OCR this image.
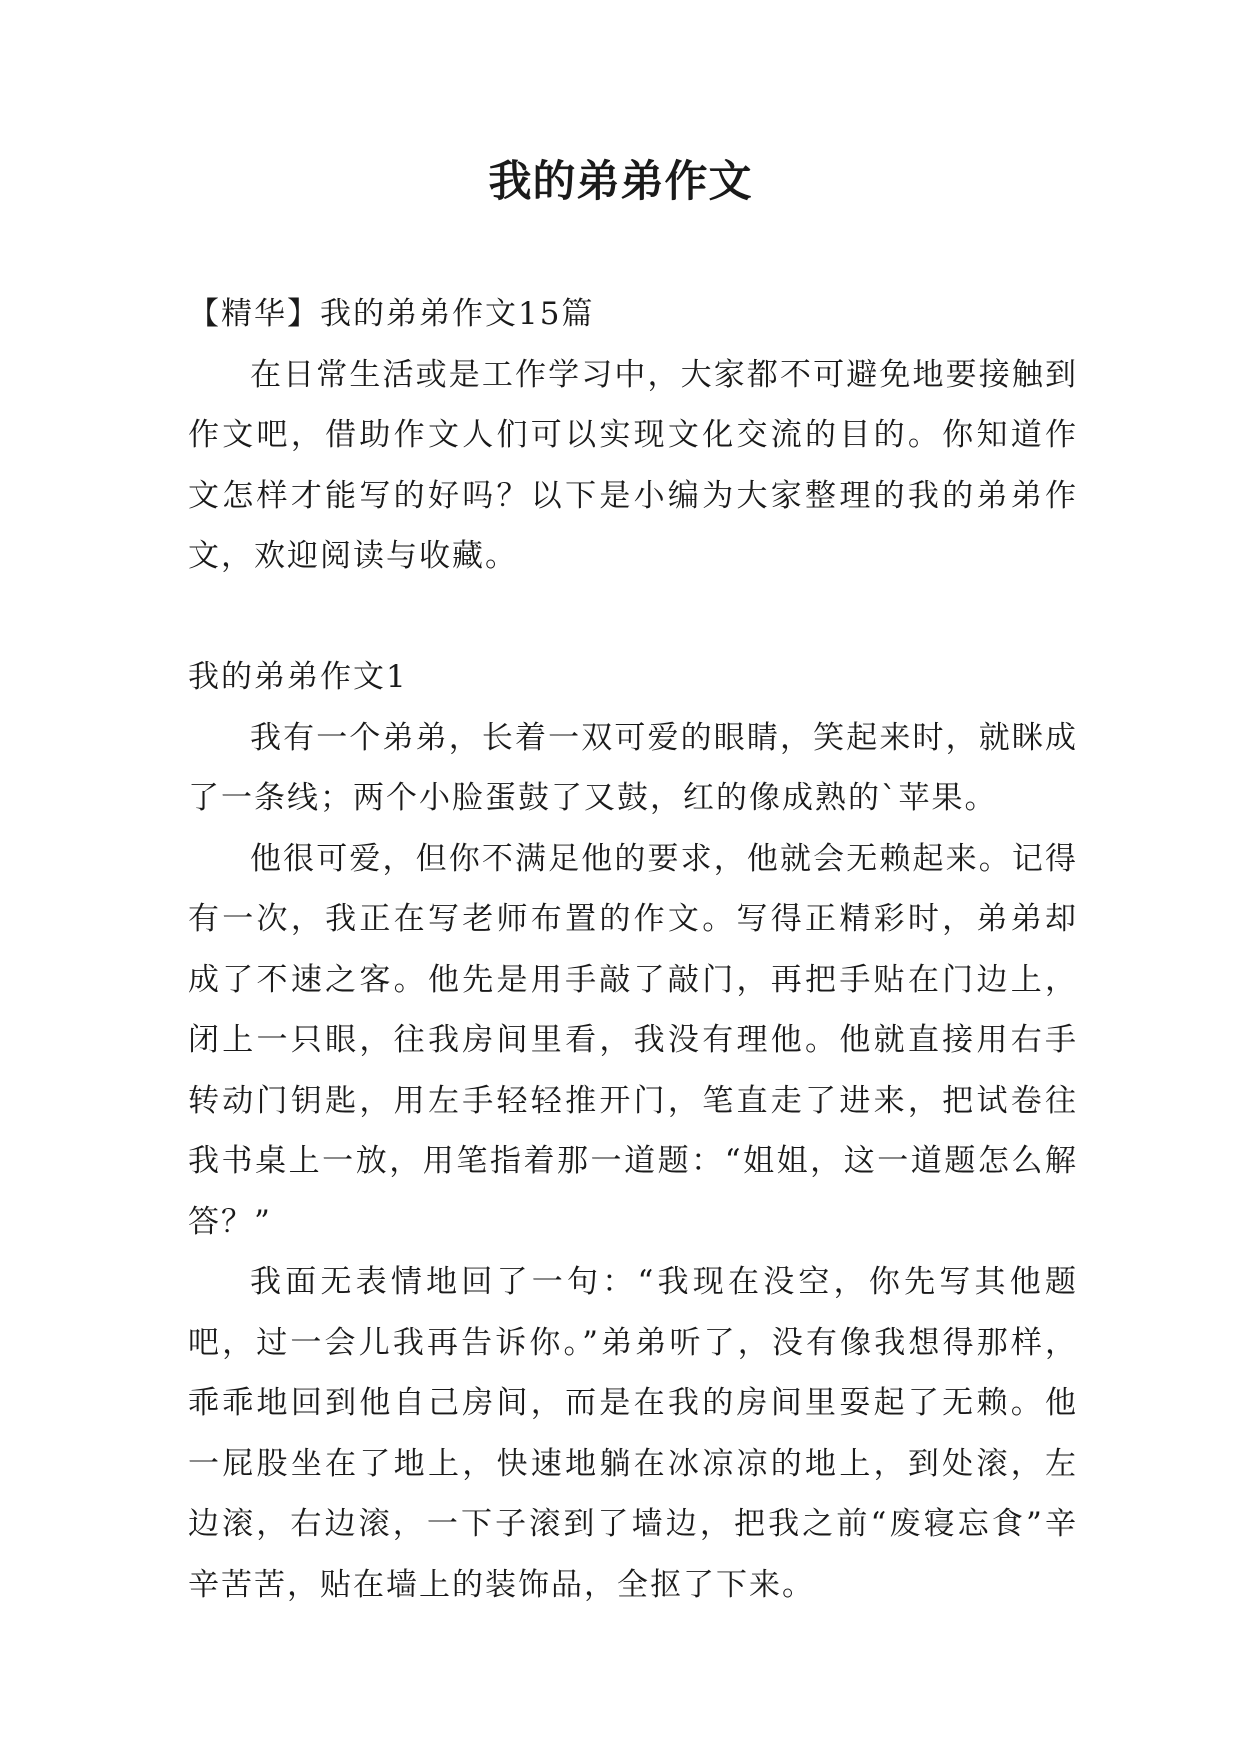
我的弟弟作文

【精华】我的弟弟作文15篇

在日常生活或是工作学习中，大家都不可避免地要接触到作文吧，借助作文人们可以实现文化交流的目的。你知道作文怎样才能写的好吗？以下是小编为大家整理的我的弟弟作文，欢迎阅读与收藏。

我的弟弟作文1

我有一个弟弟，长着一双可爱的眼睛，笑起来时，就眯成了一条线；两个小脸蛋鼓了又鼓，红的像成熟的`苹果。

他很可爱，但你不满足他的要求，他就会无赖起来。记得有一次，我正在写老师布置的作文。写得正精彩时，弟弟却成了不速之客。他先是用手敲了敲门，再把手贴在门边上，闭上一只眼，往我房间里看，我没有理他。他就直接用右手转动门钥匙，用左手轻轻推开门，笔直走了进来，把试卷往我书桌上一放，用笔指着那一道题：“姐姐，这一道题怎么解答？”

我面无表情地回了一句：“我现在没空，你先写其他题吧，过一会儿我再告诉你。”弟弟听了，没有像我想得那样，乖乖地回到他自己房间，而是在我的房间里耍起了无赖。他一屁股坐在了地上，快速地躺在冰凉凉的地上，到处滚，左边滚，右边滚，一下子滚到了墙边，把我之前“废寝忘食”辛辛苦苦，贴在墙上的装饰品，全抠了下来。
